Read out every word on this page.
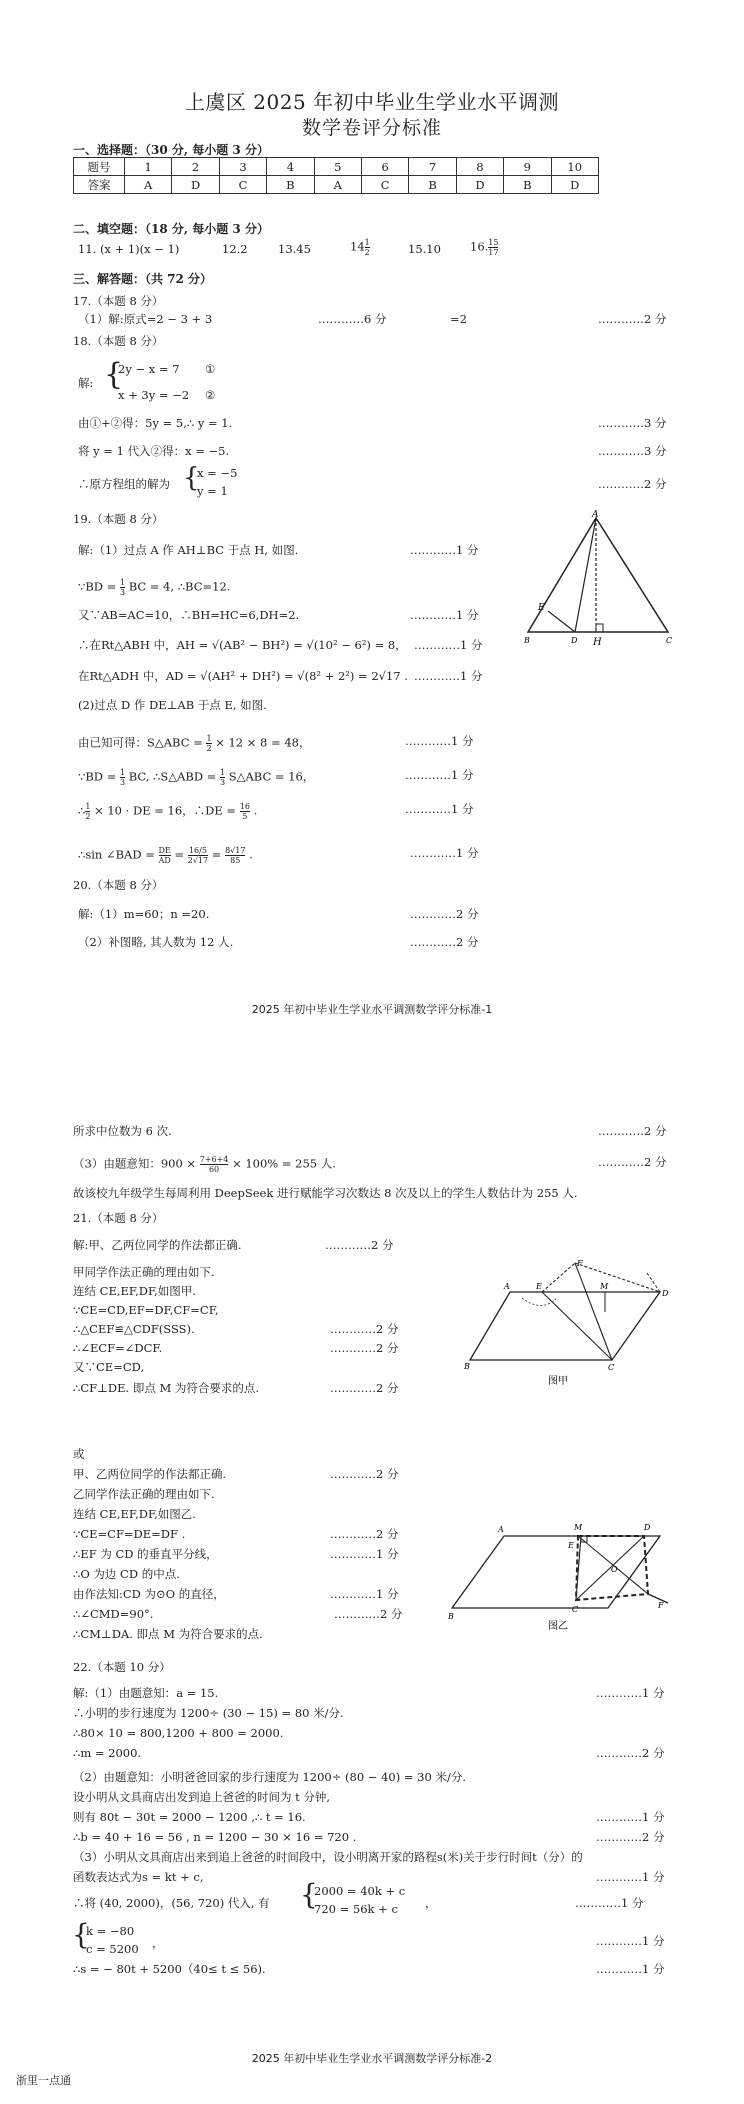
上虞区 2025 年初中毕业生学业水平调测
数学卷评分标准
一、选择题：（30 分, 每小题 3 分）
题号	1	2	3	4	5	6	7	8	9	10
答案	A	D	C	B	A	C	B	D	B	D
二、填空题：（18 分, 每小题 3 分）
11. (x + 1)(x − 1)	12.2	13.45	$14 \frac{1}{2}$	15.10	16. $\frac{15}{17}$
三、解答题：（共 72 分）
17.（本题 8 分）
（1）解:原式=2 − 3 + 3	…………6 分	=2	…………2 分
18.（本题 8 分）
解: {
2y − x = 7 ①
x + 3y = −2 ②
由①+②得：5y = 5,∴ y = 1.	…………3 分
将 y = 1 代入②得：x = −5.	…………3 分
∴原方程组的解为 {
x = −5
y = 1	…………2 分
19.（本题 8 分）
解:（1）过点 A 作 AH⊥BC 于点 H, 如图.	…………1 分
∵BD = $\frac{1}{3}$ BC = 4, ∴BC=12.
又∵AB=AC=10，∴BH=HC=6,DH=2.	…………1 分
∴在Rt△ABH 中，AH = √(AB² − BH²) = √(10² − 6²) = 8， …………1 分
在Rt△ADH 中，AD = √(AH² + DH²) = √(8² + 2²) = 2√17 . …………1 分
(2)过点 D 作 DE⊥AB 于点 E, 如图.
由已知可得：S△ABC = $\frac{1}{2} \times 12 \times 8 = 48$，	…………1 分
∵BD = $\frac{1}{3}$ BC, ∴S△ABD = $\frac{1}{3}$ S△ABC = 16，	…………1 分
∴ $\frac{1}{2} \times 10$ · DE = 16，∴DE = $\frac{16}{5}$ .	…………1 分
∴sin ∠BAD = $\frac{DE}{AD} = \frac{16/5}{2√17} = \frac{8√17}{85}$ .	…………1 分
A
E
B	D H	C
20.（本题 8 分）
解:（1）m=60；n =20.	…………2 分
（2）补图略, 其人数为 12 人.	…………2 分
2025 年初中毕业生学业水平调测数学评分标准-1
所求中位数为 6 次.	…………2 分
（3）由题意知：$900 \times \frac{7+6+4}{60} \times 100\% = 255$ 人.	…………2 分
故该校九年级学生每周利用 DeepSeek 进行赋能学习次数达 8 次及以上的学生人数估计为 255 人.
21.（本题 8 分）
解:甲、乙两位同学的作法都正确.	…………2 分
甲同学作法正确的理由如下.
连结 CE,EF,DF,如图甲.
∵CE=CD,EF=DF,CF=CF,
∴△CEF≌△CDF(SSS).	…………2 分
∴∠ECF=∠DCF.	…………2 分
又∵CE=CD,
∴CF⊥DE. 即点 M 为符合要求的点.	…………2 分
F
A	E	M
D
B	C
图甲
或
甲、乙两位同学的作法都正确.	…………2 分
乙同学作法正确的理由如下.
连结 CE,EF,DF,如图乙.
∵CE=CF=DE=DF .	…………2 分
∴EF 为 CD 的垂直平分线，	…………1 分
∴O 为边 CD 的中点.
由作法知:CD 为⊙O 的直径，	…………1 分
∴∠CMD=90°.	…………2 分
∴CM⊥DA. 即点 M 为符合要求的点.
A	M	D
E
O
B
C	F
图乙
22.（本题 10 分）
解:（1）由题意知：a = 15.	…………1 分
∴小明的步行速度为 1200÷ (30 − 15) = 80 米/分.
∴80× 10 = 800,1200 + 800 = 2000.
∴m = 2000.	…………2 分
（2）由题意知：小明爸爸回家的步行速度为 1200÷ (80 − 40) = 30 米/分.
设小明从文具商店出发到追上爸爸的时间为 t 分钟,
则有 80t − 30t = 2000 − 1200 ,∴ t = 16.	…………1 分
∴b = 40 + 16 = 56 , n = 1200 − 30 × 16 = 720 .	…………2 分
（3）小明从文具商店出来到追上爸爸的时间段中，设小明离开家的路程s(米)关于步行时间t（分）的
函数表达式为s = kt + c,	…………1 分
∴将 (40, 2000)，(56, 720) 代入, 有 {
2000 = 40k + c
720 = 56k + c ，	…………1 分
{
k = −80
c = 5200 ，	…………1 分
∴s = − 80t + 5200（40≤ t ≤ 56).	…………1 分
2025 年初中毕业生学业水平调测数学评分标准-2
浙里一点通
